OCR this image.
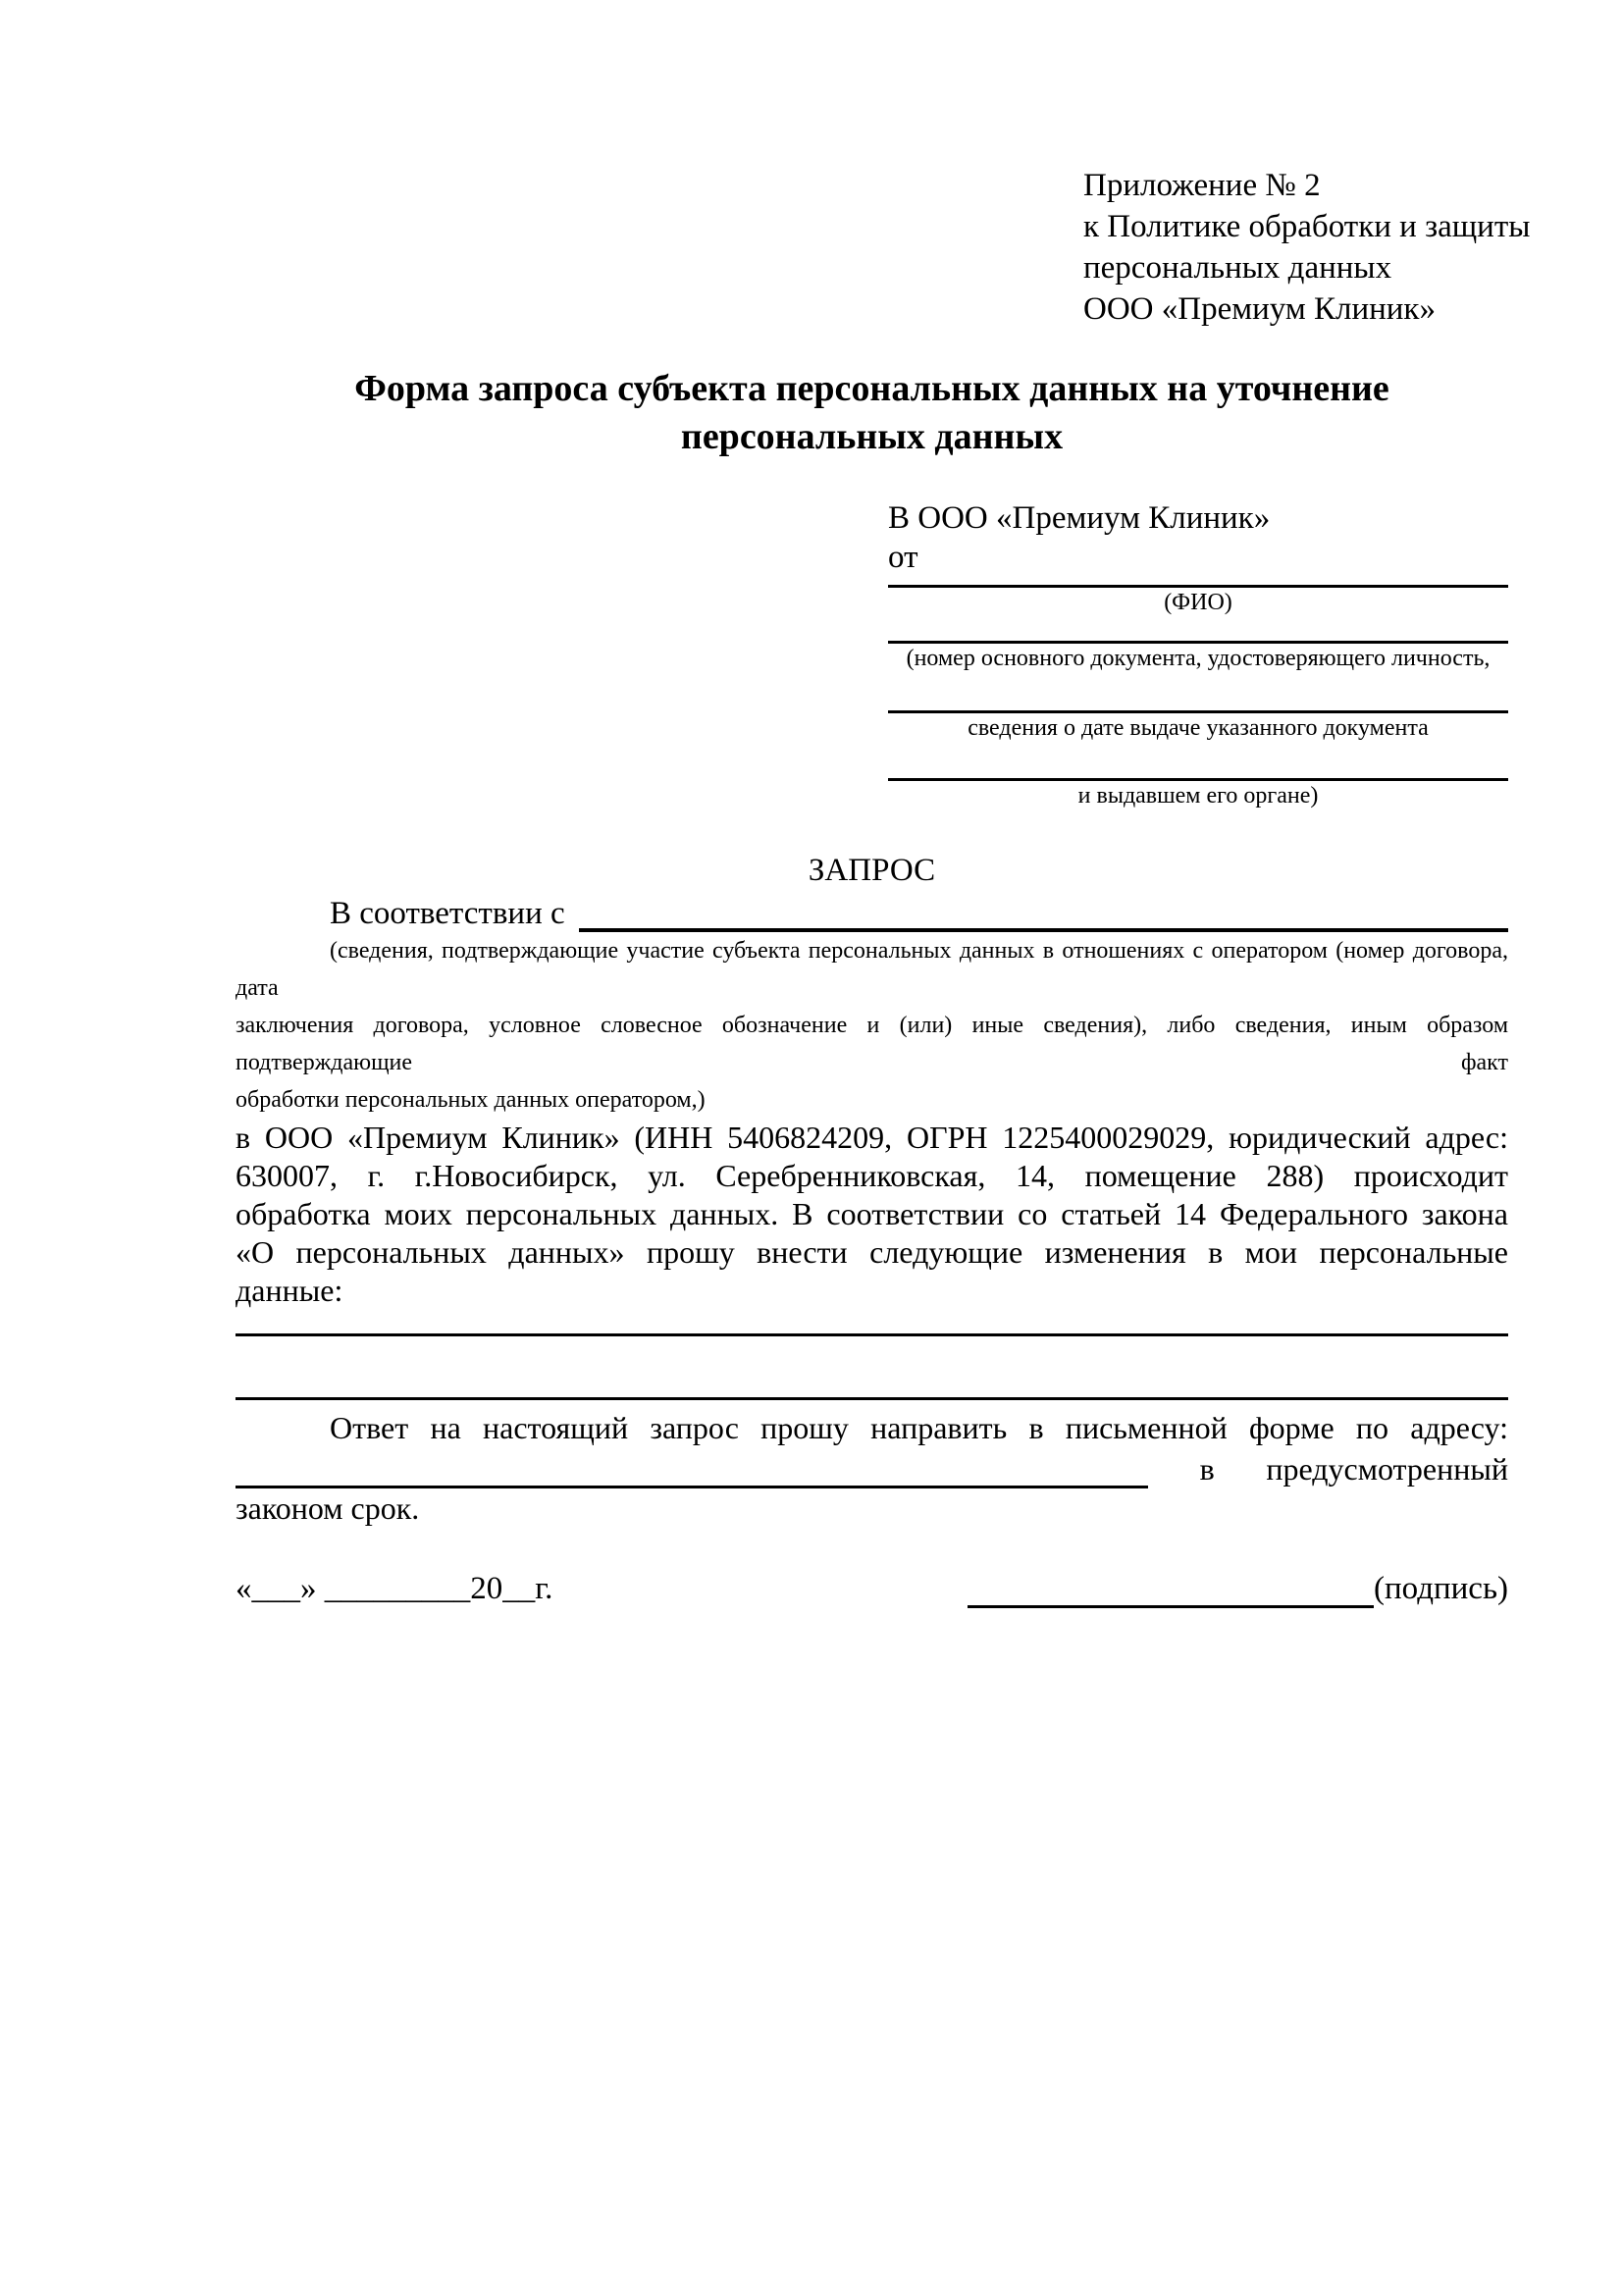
Приложение № 2
к Политике обработки и защиты
персональных данных
ООО «Премиум Клиник»
Форма запроса субъекта персональных данных на уточнение
персональных данных
В ООО «Премиум Клиник»
от
(ФИО)
(номер основного документа, удостоверяющего личность,
сведения о дате выдаче указанного документа
и выдавшем его органе)
ЗАПРОС
В соответствии с
(сведения, подтверждающие участие субъекта персональных данных в отношениях с оператором (номер договора, дата
заключения договора, условное словесное обозначение и (или) иные сведения), либо сведения, иным образом подтверждающие факт
обработки персональных данных оператором,)
в ООО «Премиум Клиник» (ИНН 5406824209, ОГРН 1225400029029, юридический адрес:
630007, г. г.Новосибирск, ул. Серебренниковская, 14, помещение 288) происходит
обработка моих персональных данных. В соответствии со статьей 14 Федерального закона
«О персональных данных» прошу внести следующие изменения в мои персональные
данные:
Ответ на настоящий запрос прошу направить в письменной форме по адресу:
в предусмотренный
законом срок.
«___» _________20__г.	(подпись)
